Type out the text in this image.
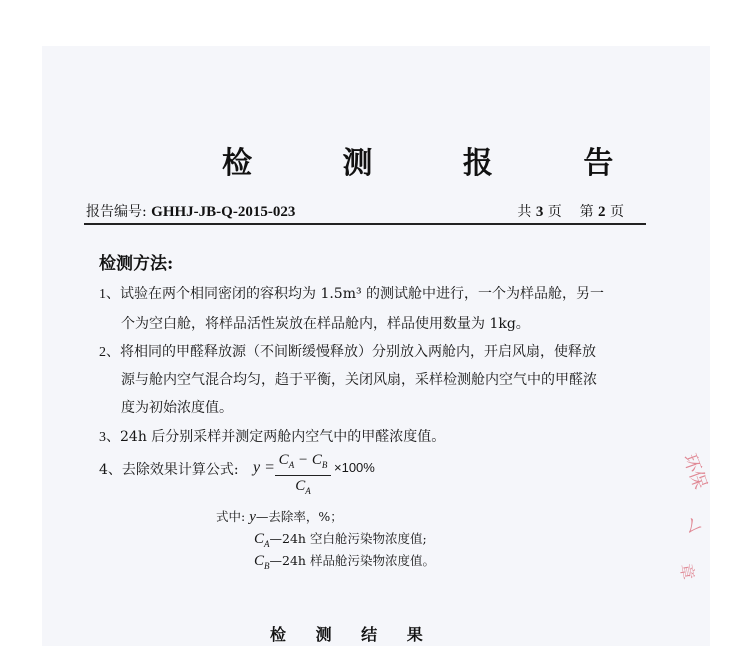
检 测 报 告
报告编号: GHHJ-JB-Q-2015-023	共 3 页 第 2 页
检测方法:
1、试验在两个相同密闭的容积均为 1.5m³ 的测试舱中进行，一个为样品舱，另一
个为空白舱，将样品活性炭放在样品舱内，样品使用数量为 1kg。
2、将相同的甲醛释放源（不间断缓慢释放）分别放入两舱内，开启风扇，使释放
源与舱内空气混合均匀，趋于平衡，关闭风扇，采样检测舱内空气中的甲醛浓
度为初始浓度值。
3、24h 后分别采样并测定两舱内空气中的甲醛浓度值。
4、去除效果计算公式: $y = C_A - C_B$
$C_A$
×100%
式中: y—去除率，%；
$C_A—24h$ 空白舱污染物浓度值;
$C_B—24h$ 样品舱污染物浓度值。
环保
ㄥ
章
检 测 结 果
